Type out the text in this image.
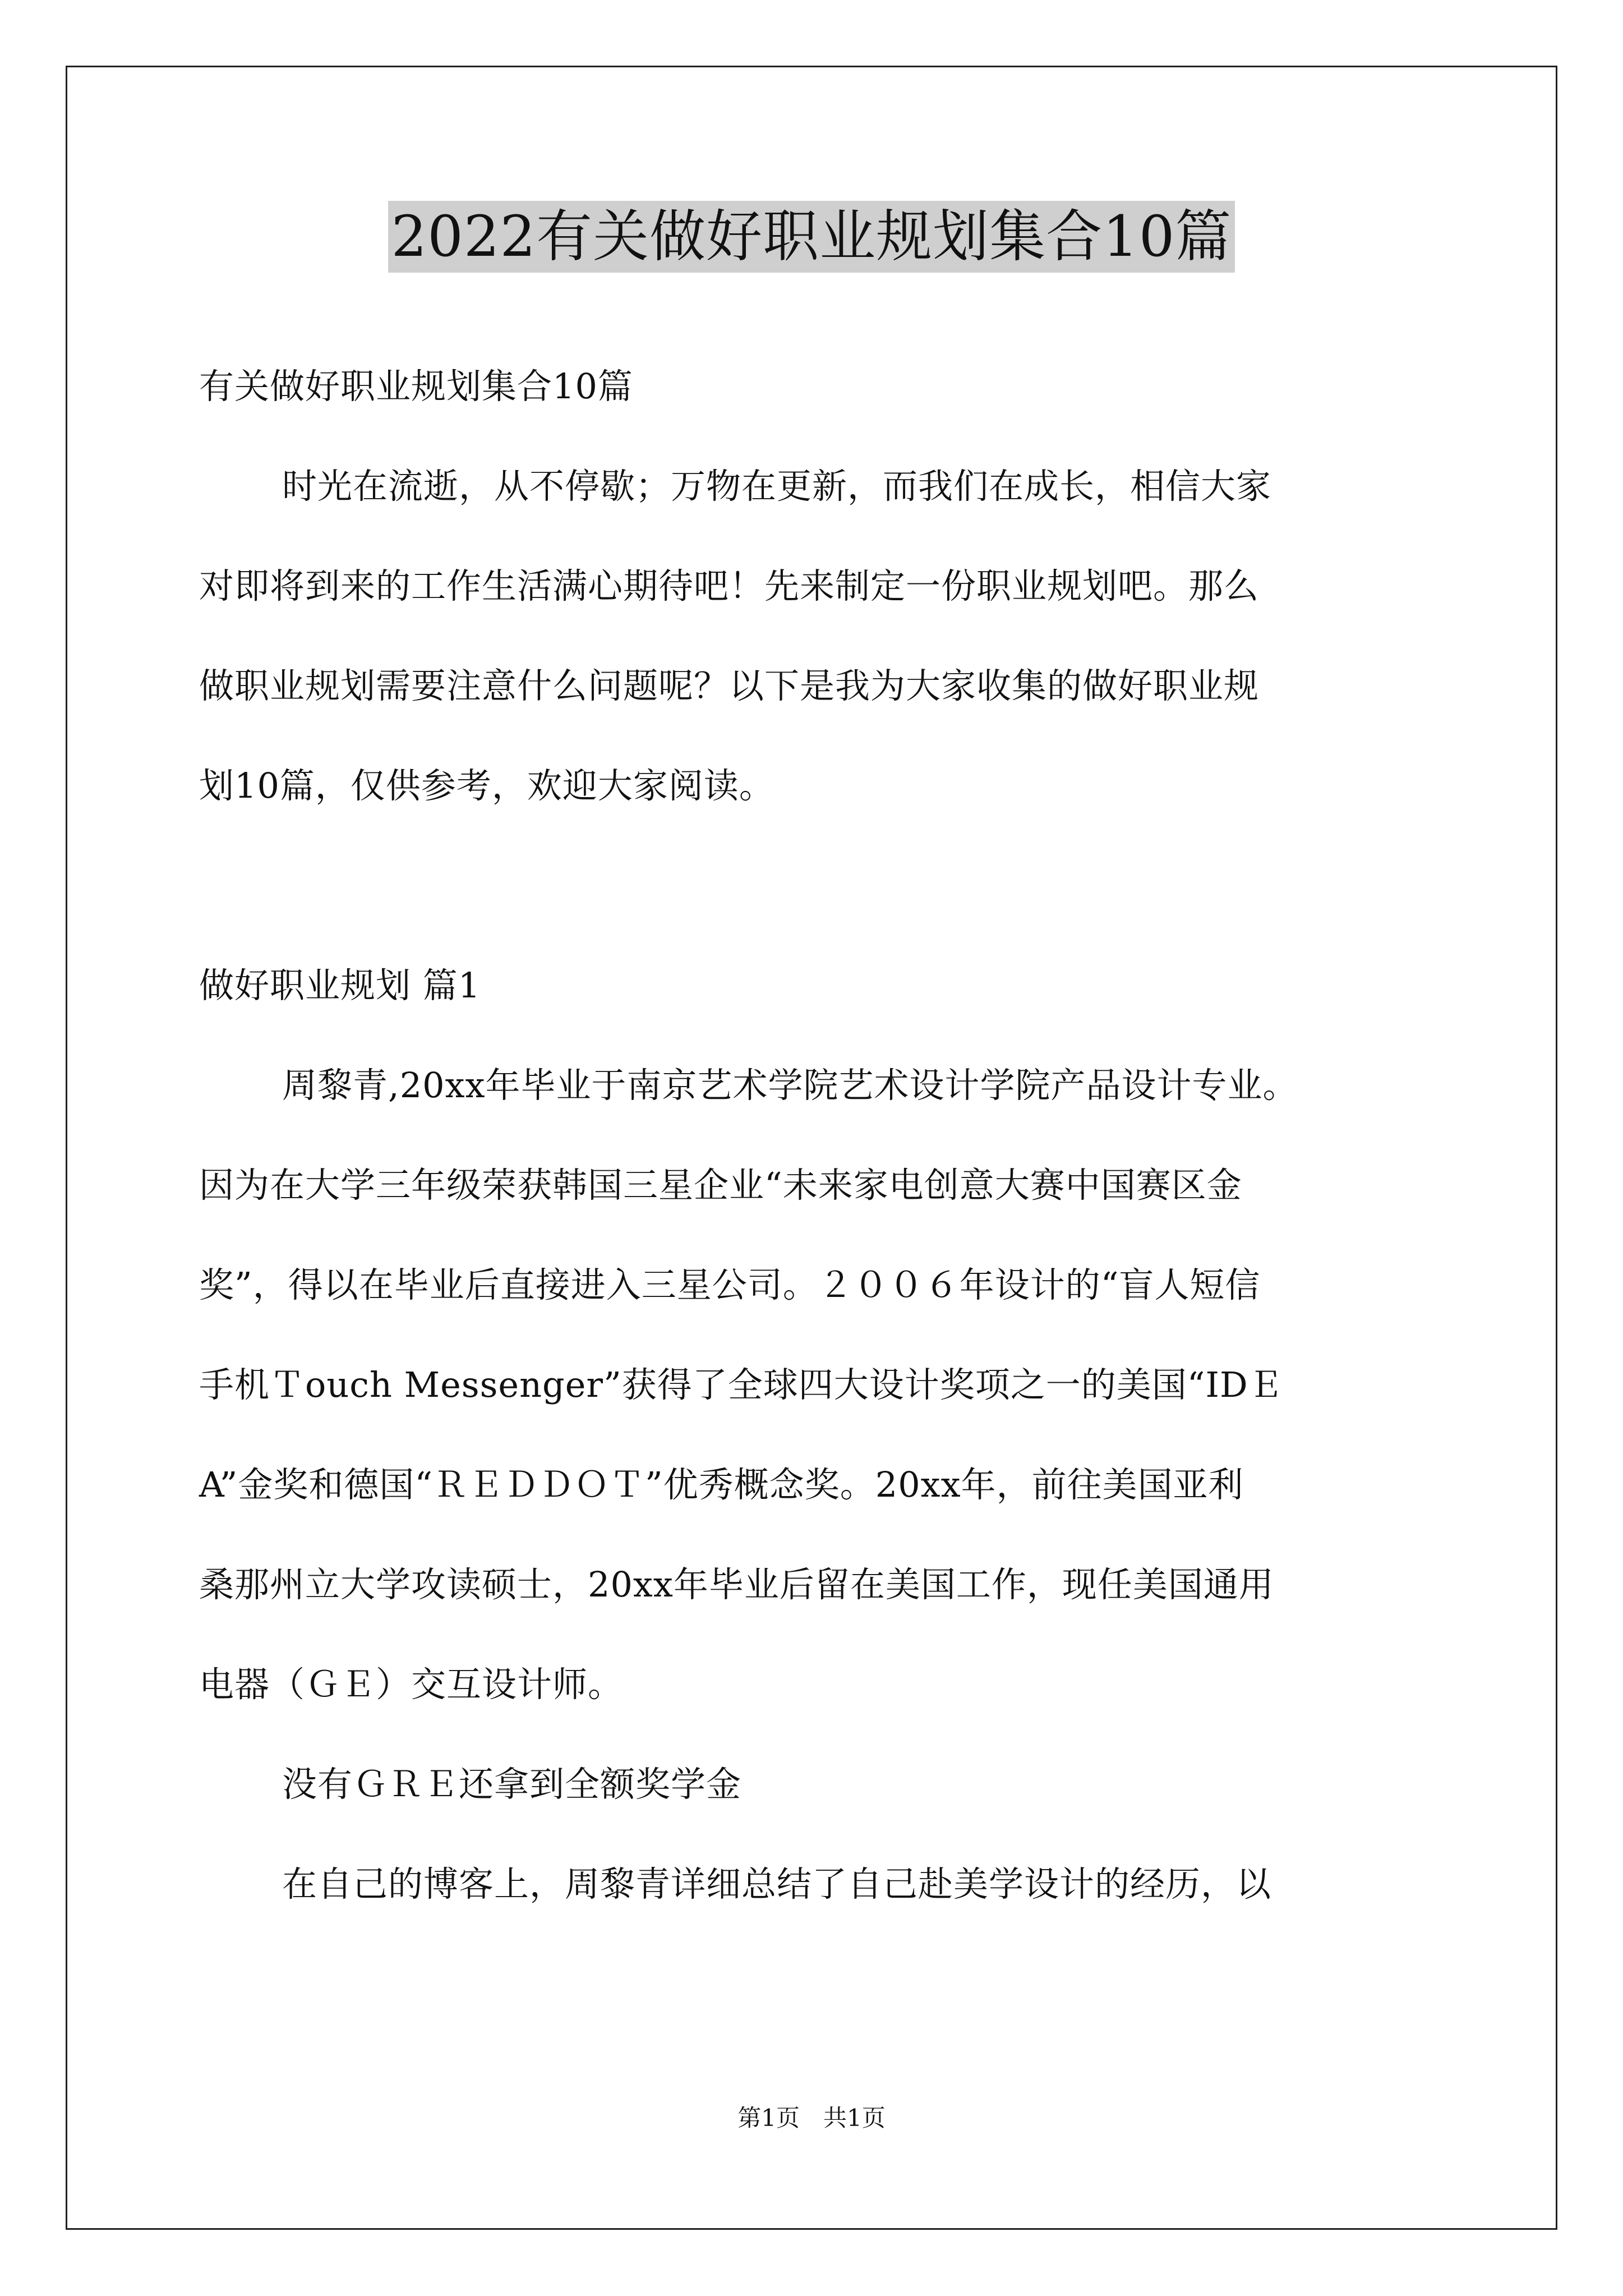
2022有关做好职业规划集合10篇
有关做好职业规划集合10篇
时光在流逝，从不停歇；万物在更新，而我们在成长，相信大家
对即将到来的工作生活满心期待吧！先来制定一份职业规划吧。那么
做职业规划需要注意什么问题呢？以下是我为大家收集的做好职业规
划10篇，仅供参考，欢迎大家阅读。
做好职业规划 篇1
周黎青,20xx年毕业于南京艺术学院艺术设计学院产品设计专业。
因为在大学三年级荣获韩国三星企业“未来家电创意大赛中国赛区金
奖”，得以在毕业后直接进入三星公司。２００６年设计的“盲人短信
手机Ｔouch Messenger”获得了全球四大设计奖项之一的美国“IDＥ
A”金奖和德国“ＲＥＤＤＯＴ”优秀概念奖。20xx年，前往美国亚利
桑那州立大学攻读硕士，20xx年毕业后留在美国工作，现任美国通用
电器（ＧＥ）交互设计师。
没有ＧＲＥ还拿到全额奖学金
在自己的博客上，周黎青详细总结了自己赴美学设计的经历，以
第1页　共1页
